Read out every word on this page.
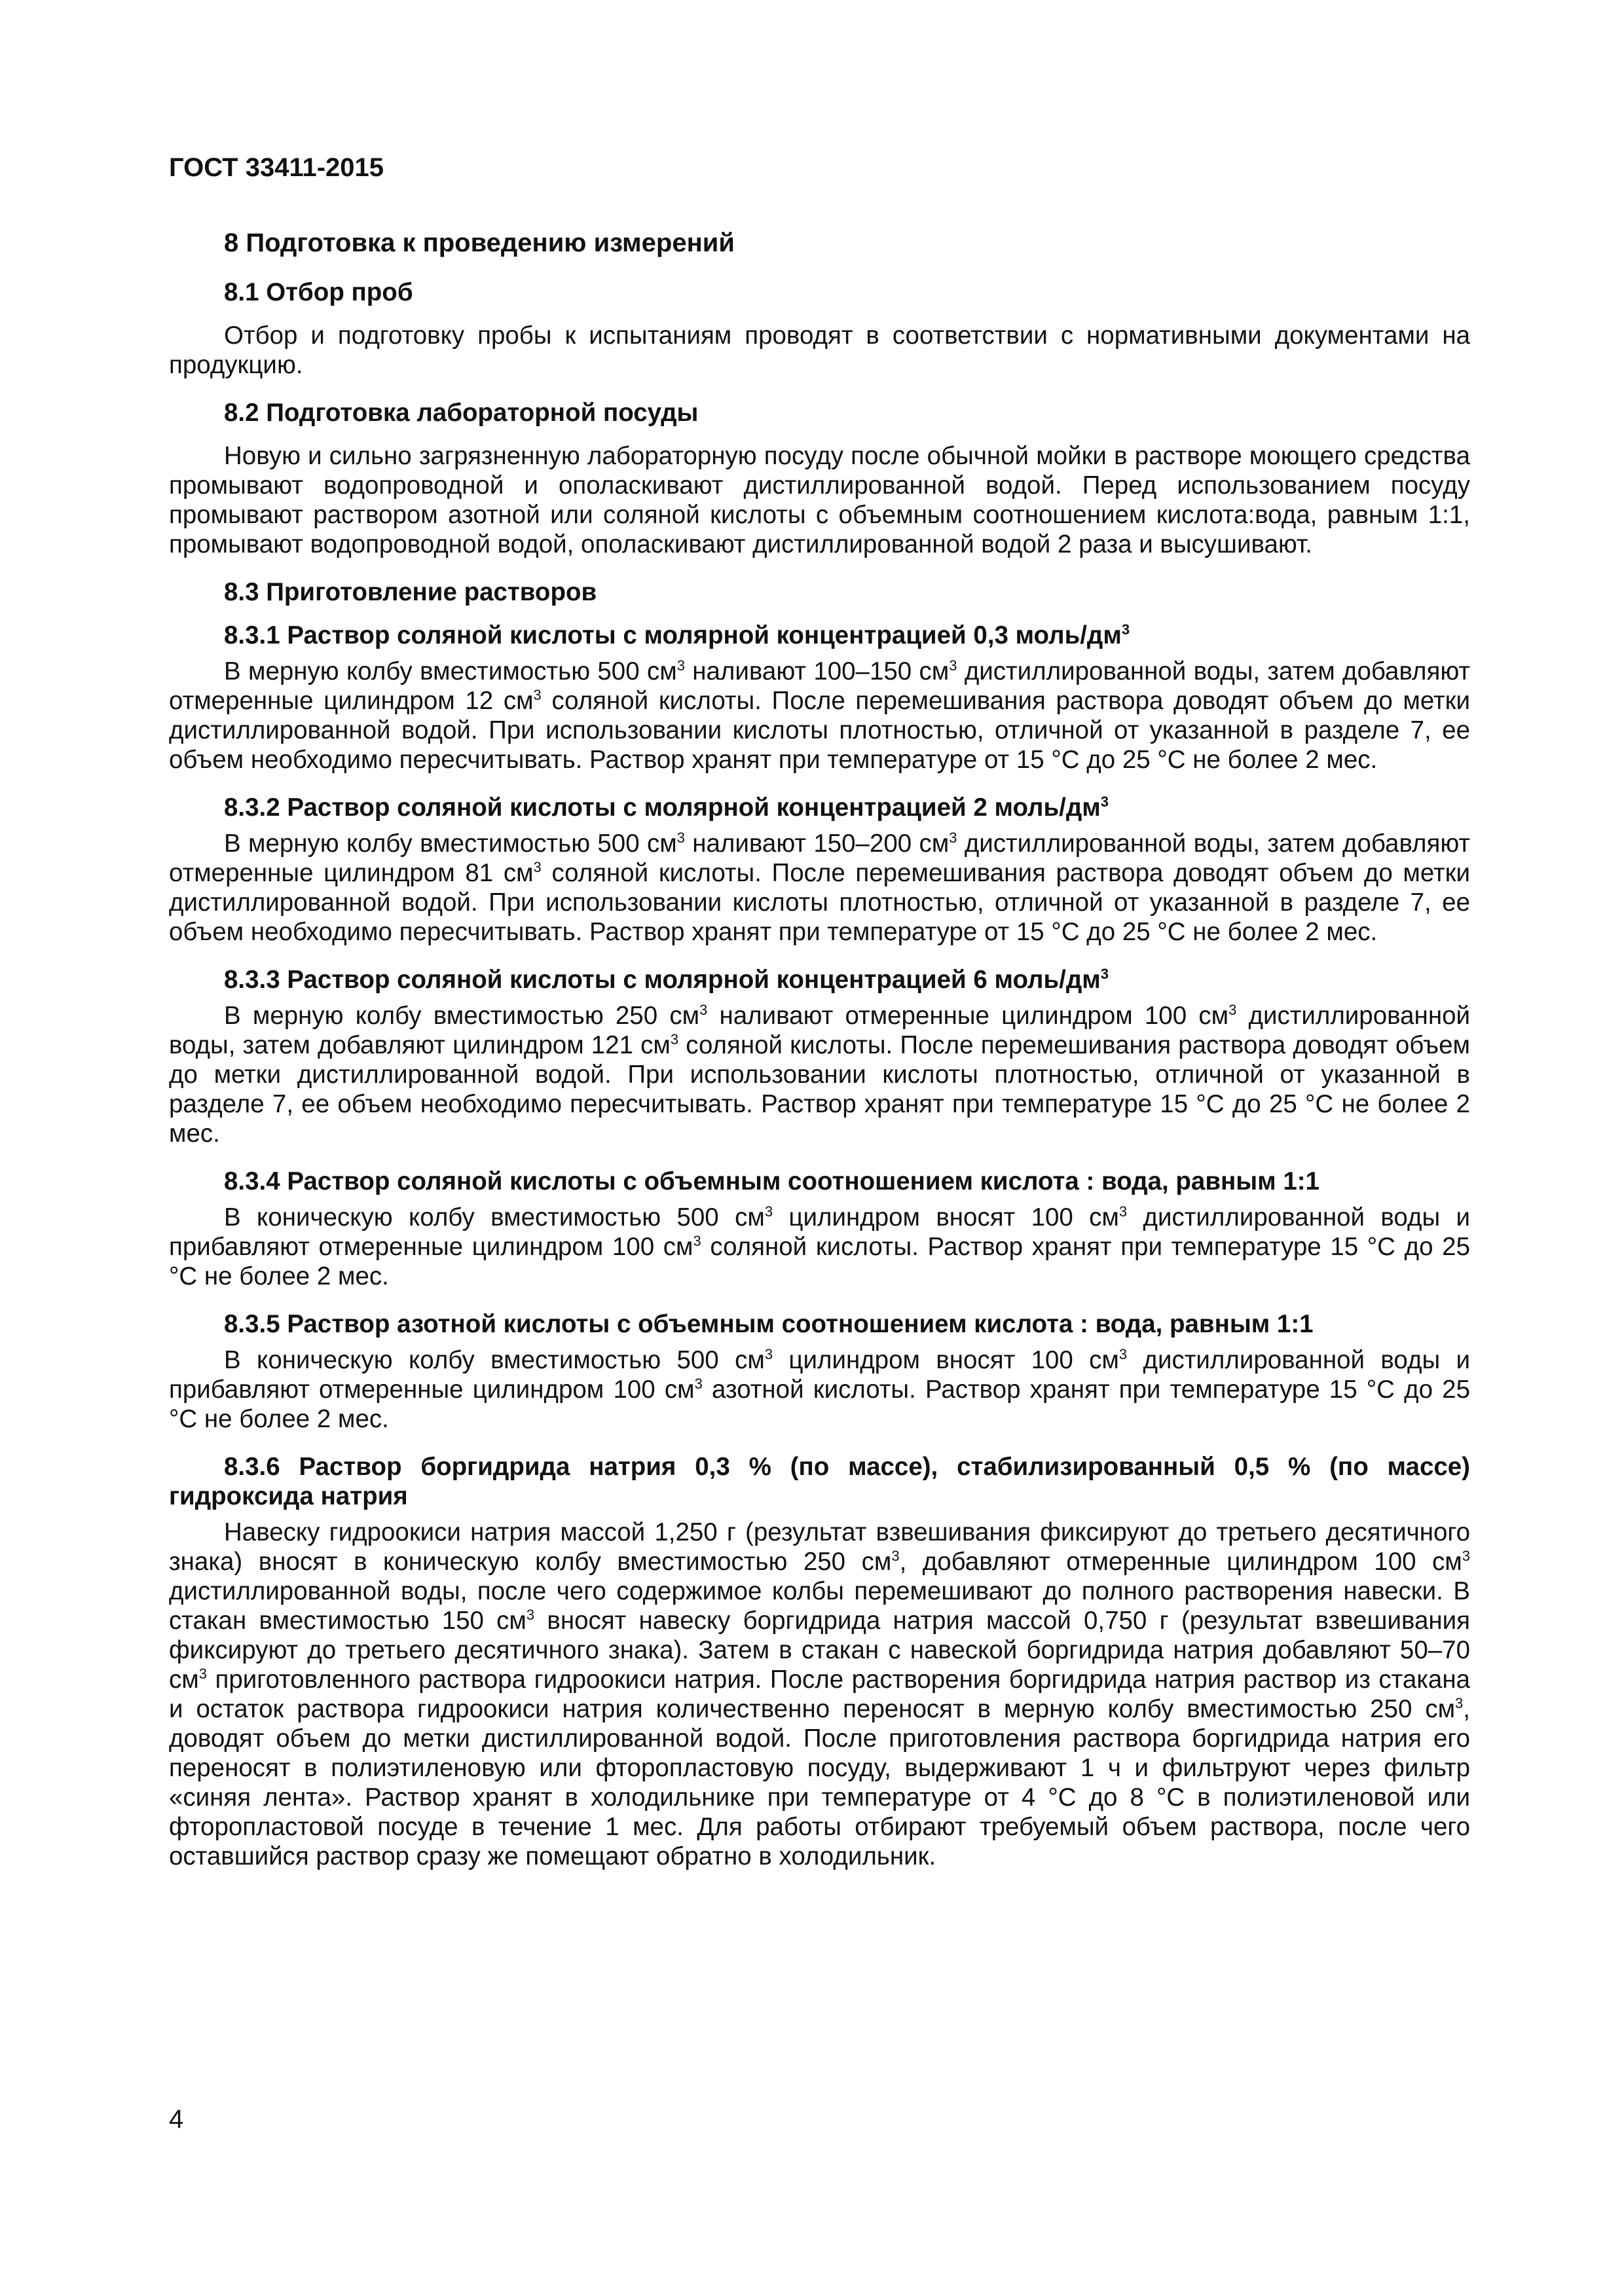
ГОСТ 33411-2015
8 Подготовка к проведению измерений
8.1 Отбор проб

Отбор и подготовку пробы к испытаниям проводят в соответствии с нормативными документами на продукцию.

8.2 Подготовка лабораторной посуды

Новую и сильно загрязненную лабораторную посуду после обычной мойки в растворе моющего средства промывают водопроводной и ополаскивают дистиллированной водой. Перед использованием посуду промывают раствором азотной или соляной кислоты с объемным соотношением кислота:вода, равным 1:1, промывают водопроводной водой, ополаскивают дистиллированной водой 2 раза и высушивают.

8.3 Приготовление растворов

8.3.1 Раствор соляной кислоты с молярной концентрацией 0,3 моль/$дм^3$

В мерную колбу вместимостью 500 $см^3$ наливают 100–150 $см^3$ дистиллированной воды, затем добавляют отмеренные цилиндром 12 $см^3$ соляной кислоты. После перемешивания раствора доводят объем до метки дистиллированной водой. При использовании кислоты плотностью, отличной от указанной в разделе 7, ее объем необходимо пересчитывать. Раствор хранят при температуре от 15 °С до 25 °С не более 2 мес.

8.3.2 Раствор соляной кислоты с молярной концентрацией 2 моль/$дм^3$

В мерную колбу вместимостью 500 $см^3$ наливают 150–200 $см^3$ дистиллированной воды, затем добавляют отмеренные цилиндром 81 $см^3$ соляной кислоты. После перемешивания раствора доводят объем до метки дистиллированной водой. При использовании кислоты плотностью, отличной от указанной в разделе 7, ее объем необходимо пересчитывать. Раствор хранят при температуре от 15 °С до 25 °С не более 2 мес.

8.3.3 Раствор соляной кислоты с молярной концентрацией 6 моль/$дм^3$

В мерную колбу вместимостью 250 $см^3$ наливают отмеренные цилиндром 100 $см^3$ дистиллированной воды, затем добавляют цилиндром 121 $см^3$ соляной кислоты. После перемешивания раствора доводят объем до метки дистиллированной водой. При использовании кислоты плотностью, отличной от указанной в разделе 7, ее объем необходимо пересчитывать. Раствор хранят при температуре 15 °С до 25 °С не более 2 мес.

8.3.4 Раствор соляной кислоты с объемным соотношением кислота : вода, равным 1:1

В коническую колбу вместимостью 500 $см^3$ цилиндром вносят 100 $см^3$ дистиллированной воды и прибавляют отмеренные цилиндром 100 $см^3$ соляной кислоты. Раствор хранят при температуре 15 °С до 25 °С не более 2 мес.

8.3.5 Раствор азотной кислоты с объемным соотношением кислота : вода, равным 1:1

В коническую колбу вместимостью 500 $см^3$ цилиндром вносят 100 $см^3$ дистиллированной воды и прибавляют отмеренные цилиндром 100 $см^3$ азотной кислоты. Раствор хранят при температуре 15 °С до 25 °С не более 2 мес.

8.3.6 Раствор боргидрида натрия 0,3 % (по массе), стабилизированный 0,5 % (по массе) гидроксида натрия

Навеску гидроокиси натрия массой 1,250 г (результат взвешивания фиксируют до третьего десятичного знака) вносят в коническую колбу вместимостью 250 $см^3$, добавляют отмеренные цилиндром 100 $см^3$ дистиллированной воды, после чего содержимое колбы перемешивают до полного растворения навески. В стакан вместимостью 150 $см^3$ вносят навеску боргидрида натрия массой 0,750 г (результат взвешивания фиксируют до третьего десятичного знака). Затем в стакан с навеской боргидрида натрия добавляют 50–70 $см^3$ приготовленного раствора гидроокиси натрия. После растворения боргидрида натрия раствор из стакана и остаток раствора гидроокиси натрия количественно переносят в мерную колбу вместимостью 250 $см^3$, доводят объем до метки дистиллированной водой. После приготовления раствора боргидрида натрия его переносят в полиэтиленовую или фторопластовую посуду, выдерживают 1 ч и фильтруют через фильтр «синяя лента». Раствор хранят в холодильнике при температуре от 4 °С до 8 °С в полиэтиленовой или фторопластовой посуде в течение 1 мес. Для работы отбирают требуемый объем раствора, после чего оставшийся раствор сразу же помещают обратно в холодильник.

4
